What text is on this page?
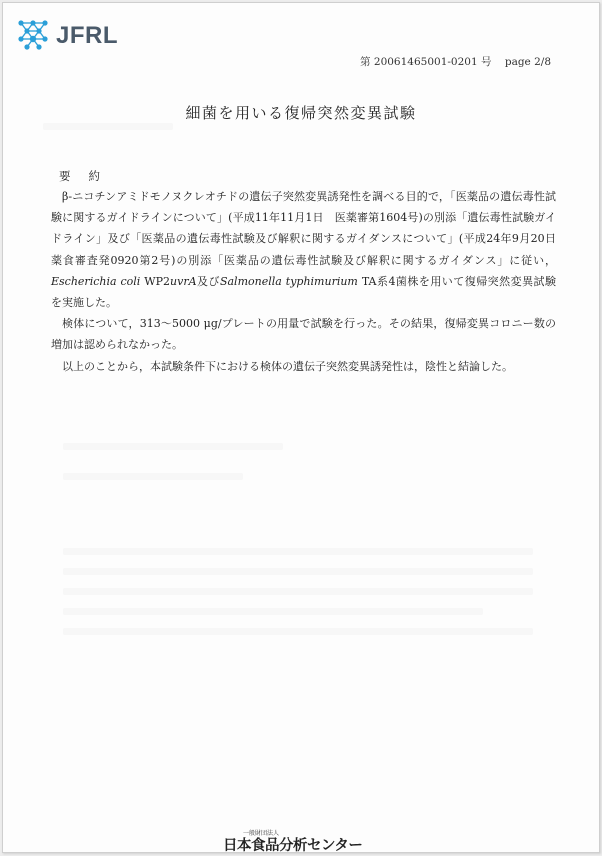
JFRL
第 20061465001-0201 号 page 2/8
細菌を用いる復帰突然変異試験
要 約

β-ニコチンアミドモノヌクレオチドの遺伝子突然変異誘発性を調べる目的で，「医薬品の遺伝毒性試験に関するガイドラインについて」(平成11年11月1日　医薬審第1604号)の別添「遺伝毒性試験ガイドライン」及び「医薬品の遺伝毒性試験及び解釈に関するガイダンスについて」(平成24年9月20日　薬食審査発0920第2号)の別添「医薬品の遺伝毒性試験及び解釈に関するガイダンス」に従い，Escherichia coli WP2uvrA及びSalmonella typhimurium TA系4菌株を用いて復帰突然変異試験を実施した。

検体について，313～5000 μg/プレートの用量で試験を行った。その結果，復帰変異コロニー数の増加は認められなかった。

以上のことから，本試験条件下における検体の遺伝子突然変異誘発性は，陰性と結論した。

一般財団法人
日本食品分析センター
